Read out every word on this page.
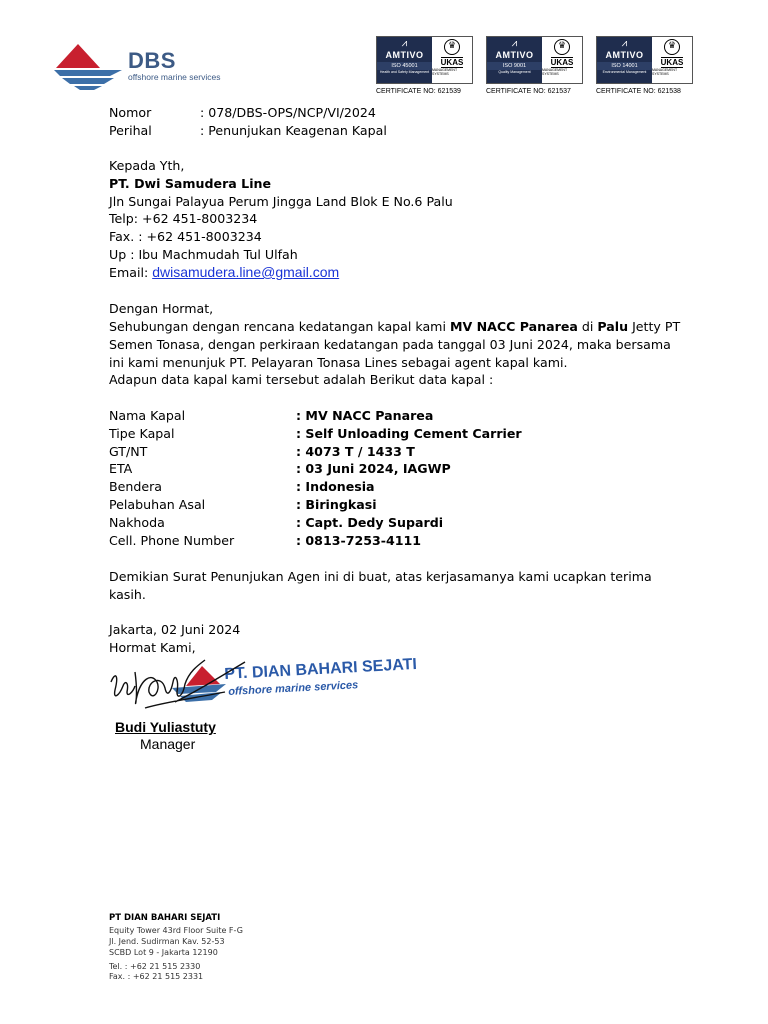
DBS
offshore marine services
⩘
AMTIVO
ISO 45001
Health and Safety Management
♛
UKAS
MANAGEMENT SYSTEMS
CERTIFICATE NO: 621539
⩘
AMTIVO
ISO 9001
Quality Management
♛
UKAS
MANAGEMENT SYSTEMS
CERTIFICATE NO: 621537
⩘
AMTIVO
ISO 14001
Environmental Management
♛
UKAS
MANAGEMENT SYSTEMS
CERTIFICATE NO: 621538
Nomor	: 078/DBS-OPS/NCP/VI/2024
Perihal	: Penunjukan Keagenan Kapal
Kepada Yth,
PT. Dwi Samudera Line
Jln Sungai Palayua Perum Jingga Land Blok E No.6 Palu
Telp: +62 451-8003234
Fax. : +62 451-8003234
Up : Ibu Machmudah Tul Ulfah
Email: dwisamudera.line@gmail.com
Dengan Hormat,
Sehubungan dengan rencana kedatangan kapal kami MV NACC Panarea di Palu Jetty PT
Semen Tonasa, dengan perkiraan kedatangan pada tanggal 03 Juni 2024, maka bersama
ini kami menunjuk PT. Pelayaran Tonasa Lines sebagai agent kapal kami.
Adapun data kapal kami tersebut adalah Berikut data kapal :
Nama Kapal	: MV NACC Panarea
Tipe Kapal	: Self Unloading Cement Carrier
GT/NT	: 4073 T / 1433 T
ETA	: 03 Juni 2024, IAGWP
Bendera	: Indonesia
Pelabuhan Asal	: Biringkasi
Nakhoda	: Capt. Dedy Supardi
Cell. Phone Number	: 0813-7253-4111
Demikian Surat Penunjukan Agen ini di buat, atas kerjasamanya kami ucapkan terima
kasih.
Jakarta, 02 Juni 2024
Hormat Kami,
PT. DIAN BAHARI SEJATI
offshore marine services
Budi Yuliastuty
Manager
PT DIAN BAHARI SEJATI
Equity Tower 43rd Floor Suite F-G
Jl. Jend. Sudirman Kav. 52-53
SCBD Lot 9 - Jakarta 12190
Tel. : +62 21 515 2330
Fax. : +62 21 515 2331
